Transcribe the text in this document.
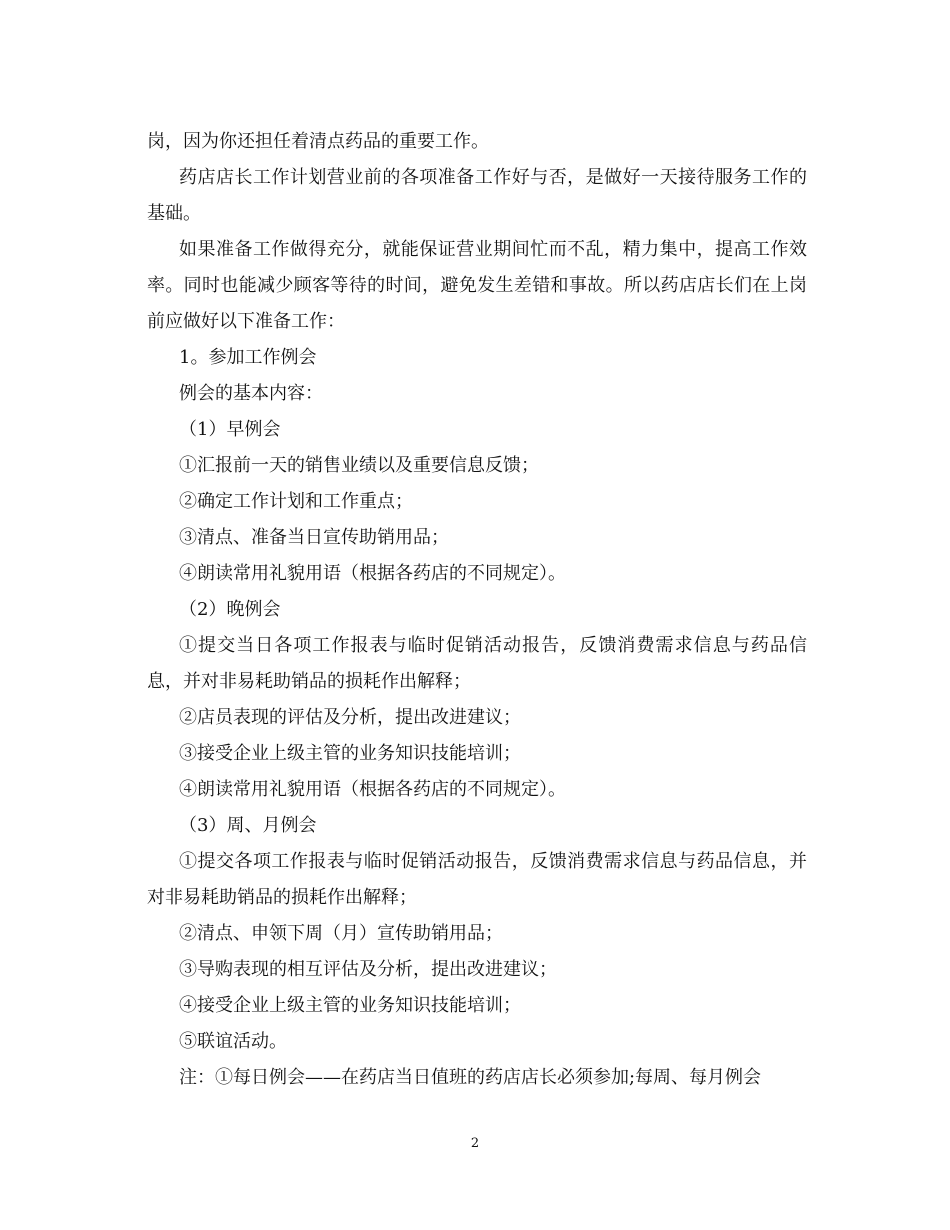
岗，因为你还担任着清点药品的重要工作。

药店店长工作计划营业前的各项准备工作好与否，是做好一天接待服务工作的基础。

如果准备工作做得充分，就能保证营业期间忙而不乱，精力集中，提高工作效率。同时也能减少顾客等待的时间，避免发生差错和事故。所以药店店长们在上岗前应做好以下准备工作：

1。参加工作例会

例会的基本内容：

（1）早例会

①汇报前一天的销售业绩以及重要信息反馈；

②确定工作计划和工作重点；

③清点、准备当日宣传助销用品；

④朗读常用礼貌用语（根据各药店的不同规定）。

（2）晚例会

①提交当日各项工作报表与临时促销活动报告，反馈消费需求信息与药品信息，并对非易耗助销品的损耗作出解释；

②店员表现的评估及分析，提出改进建议；

③接受企业上级主管的业务知识技能培训；

④朗读常用礼貌用语（根据各药店的不同规定）。

（3）周、月例会

①提交各项工作报表与临时促销活动报告，反馈消费需求信息与药品信息，并对非易耗助销品的损耗作出解释；

②清点、申领下周（月）宣传助销用品；

③导购表现的相互评估及分析，提出改进建议；

④接受企业上级主管的业务知识技能培训；

⑤联谊活动。

注：①每日例会——在药店当日值班的药店店长必须参加;每周、每月例会

2
